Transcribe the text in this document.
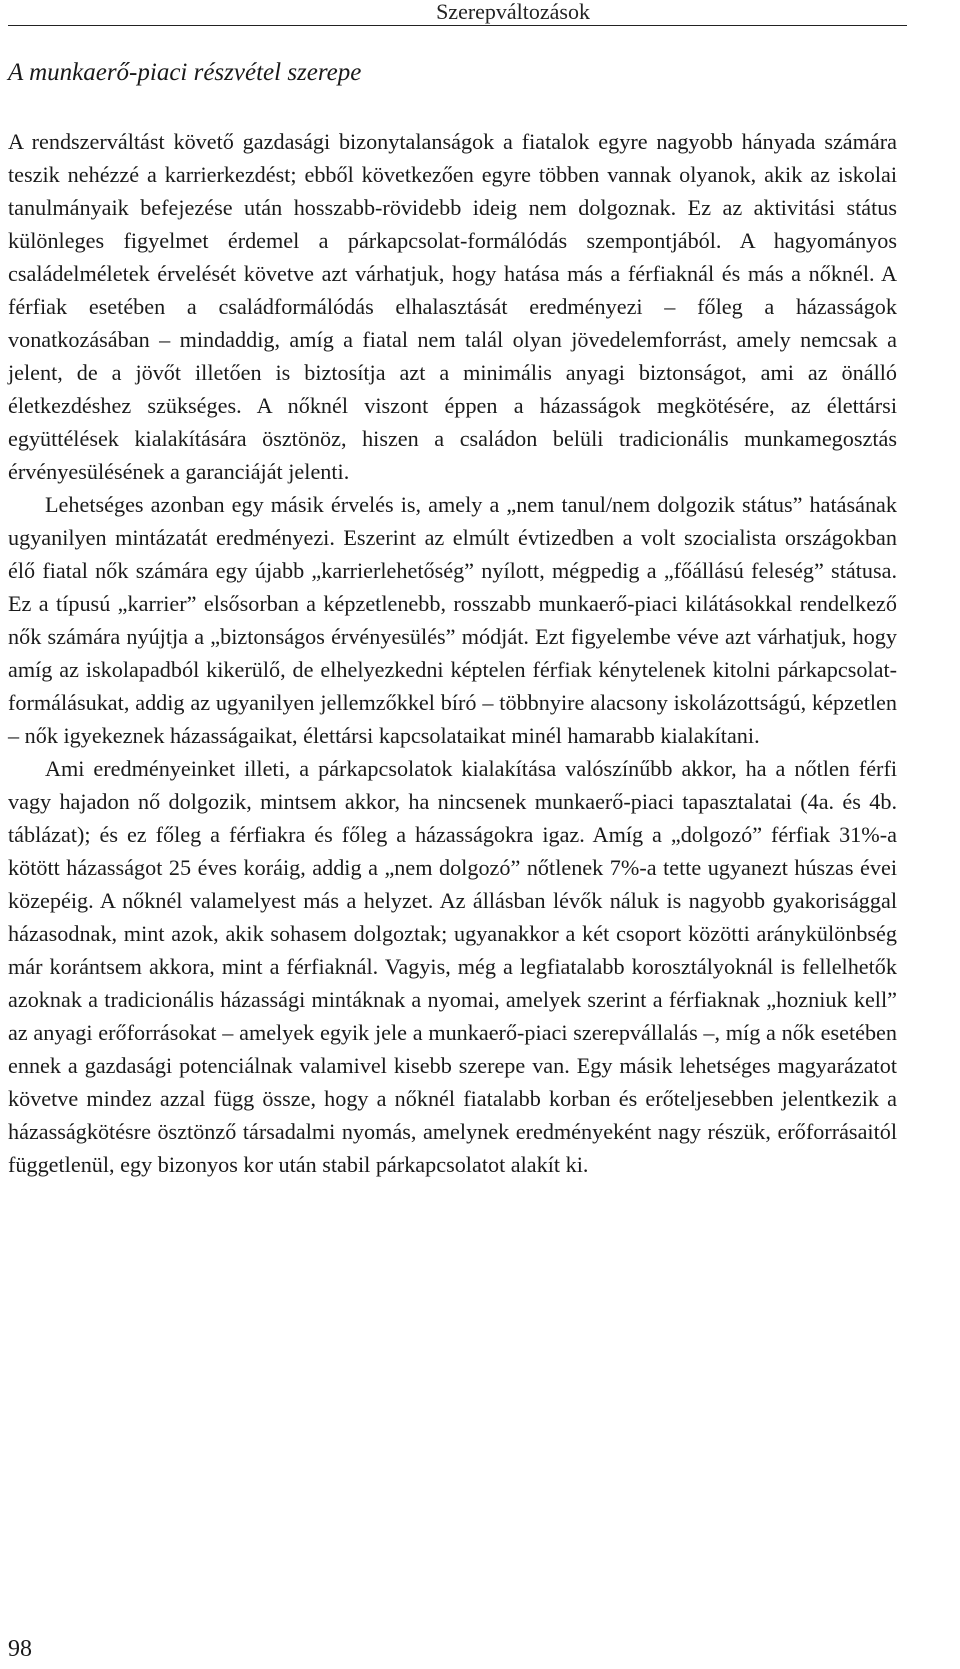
Szerepváltozások
A munkaerő-piaci részvétel szerepe

A rendszerváltást követő gazdasági bizonytalanságok a fiatalok egyre nagyobb hányada számára teszik nehézzé a karrierkezdést; ebből következően egyre többen vannak olyanok, akik az iskolai tanulmányaik befejezése után hosszabb-rövidebb ideig nem dolgoznak. Ez az aktivitási státus különleges figyelmet érdemel a párkapcsolat-formálódás szempontjából. A hagyományos családelméletek érvelését követve azt várhatjuk, hogy hatása más a férfiaknál és más a nőknél. A férfiak esetében a családformálódás elhalasztását eredményezi – főleg a házasságok vonatkozásában – mindaddig, amíg a fiatal nem talál olyan jövedelemforrást, amely nemcsak a jelent, de a jövőt illetően is biztosítja azt a minimális anyagi biztonságot, ami az önálló életkezdéshez szükséges. A nőknél viszont éppen a házasságok megkötésére, az élettársi együttélések kialakítására ösztönöz, hiszen a családon belüli tradicionális munkamegosztás érvényesülésének a garanciáját jelenti.

Lehetséges azonban egy másik érvelés is, amely a „nem tanul/nem dolgozik státus” hatásának ugyanilyen mintázatát eredményezi. Eszerint az elmúlt évtizedben a volt szocialista országokban élő fiatal nők számára egy újabb „karrierlehetőség” nyílott, mégpedig a „főállású feleség” státusa. Ez a típusú „karrier” elsősorban a képzetlenebb, rosszabb munkaerő-piaci kilátásokkal rendelkező nők számára nyújtja a „biztonságos érvényesülés” módját. Ezt figyelembe véve azt várhatjuk, hogy amíg az iskolapadból kikerülő, de elhelyezkedni képtelen férfiak kénytelenek kitolni párkapcsolat-formálásukat, addig az ugyanilyen jellemzőkkel bíró – többnyire alacsony iskolázottságú, képzetlen – nők igyekeznek házasságaikat, élettársi kapcsolataikat minél hamarabb kialakítani.

Ami eredményeinket illeti, a párkapcsolatok kialakítása valószínűbb akkor, ha a nőtlen férfi vagy hajadon nő dolgozik, mintsem akkor, ha nincsenek munkaerő-piaci tapasztalatai (4a. és 4b. táblázat); és ez főleg a férfiakra és főleg a házasságokra igaz. Amíg a „dolgozó” férfiak 31%-a kötött házasságot 25 éves koráig, addig a „nem dolgozó” nőtlenek 7%-a tette ugyanezt húszas évei közepéig. A nőknél valamelyest más a helyzet. Az állásban lévők náluk is nagyobb gyakorisággal házasodnak, mint azok, akik sohasem dolgoztak; ugyanakkor a két csoport közötti aránykülönbség már korántsem akkora, mint a férfiaknál. Vagyis, még a legfiatalabb korosztályoknál is fellelhetők azoknak a tradicionális házassági mintáknak a nyomai, amelyek szerint a férfiaknak „hozniuk kell” az anyagi erőforrásokat – amelyek egyik jele a munkaerő-piaci szerepvállalás –, míg a nők esetében ennek a gazdasági potenciálnak valamivel kisebb szerepe van. Egy másik lehetséges magyarázatot követve mindez azzal függ össze, hogy a nőknél fiatalabb korban és erőteljesebben jelentkezik a házasságkötésre ösztönző társadalmi nyomás, amelynek eredményeként nagy részük, erőforrásaitól függetlenül, egy bizonyos kor után stabil párkapcsolatot alakít ki.

98
